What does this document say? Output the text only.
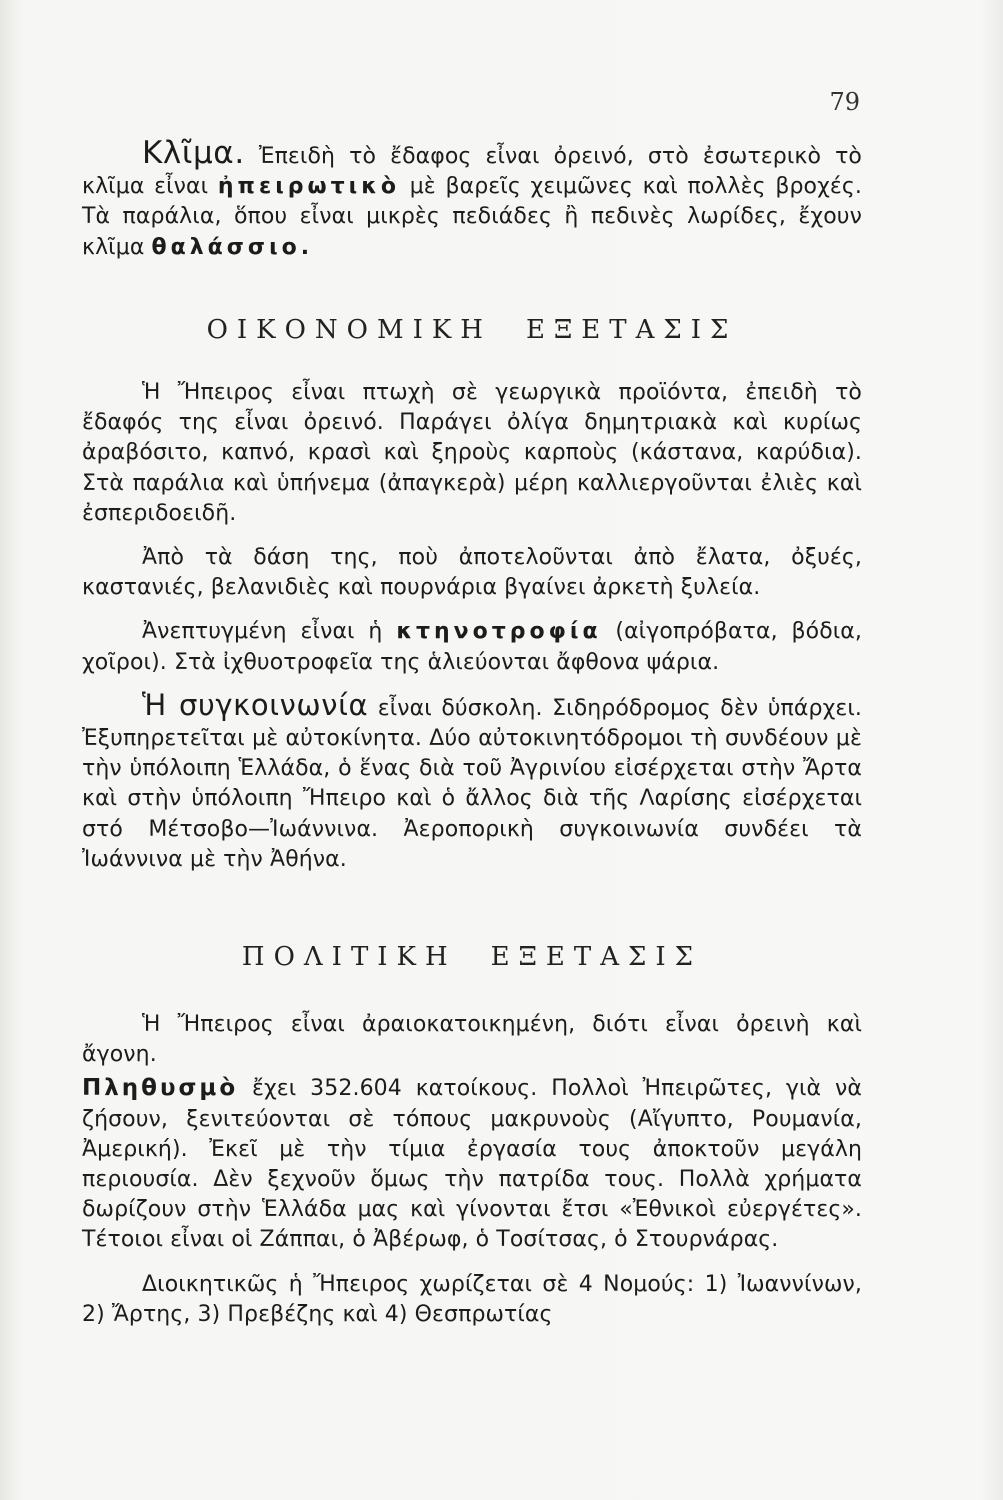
79

Κλῖμα. Ἐπειδὴ τὸ ἔδαφος εἶναι ὀρεινό, στὸ ἐσωτερικὸ τὸ κλῖμα εἶναι ἠπειρωτικὸ μὲ βαρεῖς χειμῶνες καὶ πολλὲς βροχές. Τὰ παράλια, ὅπου εἶναι μικρὲς πεδιάδες ἢ πεδινὲς λωρίδες, ἔχουν κλῖμα θαλάσσιο.

ΟΙΚΟΝΟΜΙΚΗ ΕΞΕΤΑΣΙΣ

Ἡ Ἤπειρος εἶναι πτωχὴ σὲ γεωργικὰ προϊόντα, ἐπειδὴ τὸ ἔδαφός της εἶναι ὀρεινό. Παράγει ὀλίγα δημητριακὰ καὶ κυρίως ἀραβόσιτο, καπνό, κρασὶ καὶ ξηροὺς καρποὺς (κάστανα, καρύδια). Στὰ παράλια καὶ ὑπήνεμα (ἀπαγκερὰ) μέρη καλλιεργοῦνται ἐλιὲς καὶ ἐσπεριδοειδῆ.

Ἀπὸ τὰ δάση της, ποὺ ἀποτελοῦνται ἀπὸ ἔλατα, ὀξυές, καστανιές, βελανιδιὲς καὶ πουρνάρια βγαίνει ἀρκετὴ ξυλεία.

Ἀνεπτυγμένη εἶναι ἡ κτηνοτροφία (αἰγοπρόβατα, βόδια, χοῖροι). Στὰ ἰχθυοτροφεῖα της ἁλιεύονται ἄφθονα ψάρια.

Ἡ συγκοινωνία εἶναι δύσκολη. Σιδηρόδρομος δὲν ὑπάρχει. Ἐξυπηρετεῖται μὲ αὐτοκίνητα. Δύο αὐτοκινητόδρομοι τὴ συνδέουν μὲ τὴν ὑπόλοιπη Ἑλλάδα, ὁ ἕνας διὰ τοῦ Ἀγρινίου εἰσέρχεται στὴν Ἄρτα καὶ στὴν ὑπόλοιπη Ἤπειρο καὶ ὁ ἄλλος διὰ τῆς Λαρίσης εἰσέρχεται στό Μέτσοβο—Ἰωάννινα. Ἀεροπορικὴ συγκοινωνία συνδέει τὰ Ἰωάννινα μὲ τὴν Ἀθήνα.

ΠΟΛΙΤΙΚΗ ΕΞΕΤΑΣΙΣ

Ἡ Ἤπειρος εἶναι ἀραιοκατοικημένη, διότι εἶναι ὀρεινὴ καὶ ἄγονη.

Πληθυσμὸ ἔχει 352.604 κατοίκους. Πολλοὶ Ἠπειρῶτες, γιὰ νὰ ζήσουν, ξενιτεύονται σὲ τόπους μακρυνοὺς (Αἴγυπτο, Ρουμανία, Ἀμερική). Ἐκεῖ μὲ τὴν τίμια ἐργασία τους ἀποκτοῦν μεγάλη περιουσία. Δὲν ξεχνοῦν ὅμως τὴν πατρίδα τους. Πολλὰ χρήματα δωρίζουν στὴν Ἑλλάδα μας καὶ γίνονται ἔτσι «Ἐθνικοὶ εὐεργέτες». Τέτοιοι εἶναι οἱ Ζάππαι, ὁ Ἀβέρωφ, ὁ Τοσίτσας, ὁ Στουρνάρας.

Διοικητικῶς ἡ Ἤπειρος χωρίζεται σὲ 4 Νομούς: 1) Ἰωαννίνων, 2) Ἄρτης, 3) Πρεβέζης καὶ 4) Θεσπρωτίας
